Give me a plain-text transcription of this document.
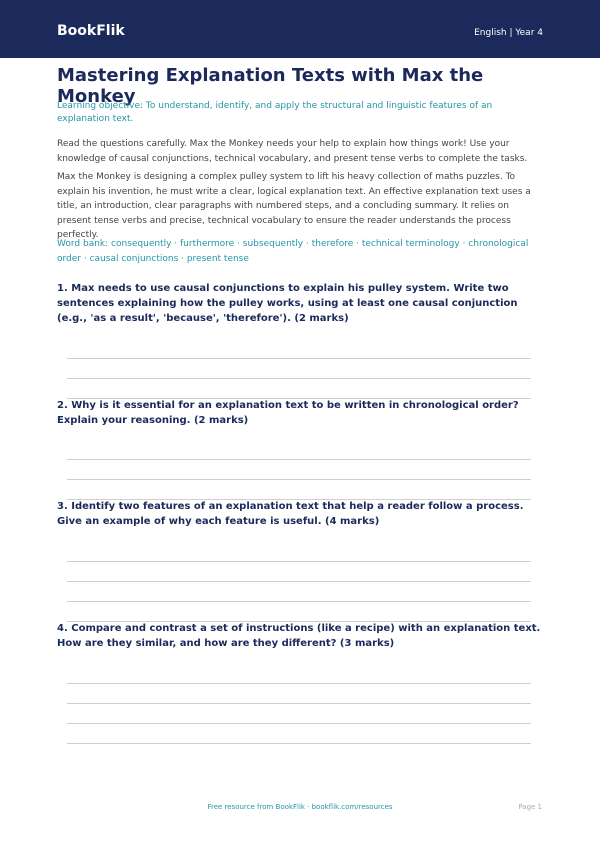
BookFlik	English | Year 4
Mastering Explanation Texts with Max the Monkey
Learning objective: To understand, identify, and apply the structural and linguistic features of an explanation text.
Read the questions carefully. Max the Monkey needs your help to explain how things work! Use your knowledge of causal conjunctions, technical vocabulary, and present tense verbs to complete the tasks.
Max the Monkey is designing a complex pulley system to lift his heavy collection of maths puzzles. To explain his invention, he must write a clear, logical explanation text. An effective explanation text uses a title, an introduction, clear paragraphs with numbered steps, and a concluding summary. It relies on present tense verbs and precise, technical vocabulary to ensure the reader understands the process perfectly.
Word bank: consequently · furthermore · subsequently · therefore · technical terminology · chronological order · causal conjunctions · present tense
1. Max needs to use causal conjunctions to explain his pulley system. Write two sentences explaining how the pulley works, using at least one causal conjunction (e.g., 'as a result', 'because', 'therefore'). (2 marks)
2. Why is it essential for an explanation text to be written in chronological order? Explain your reasoning. (2 marks)
3. Identify two features of an explanation text that help a reader follow a process. Give an example of why each feature is useful. (4 marks)
4. Compare and contrast a set of instructions (like a recipe) with an explanation text. How are they similar, and how are they different? (3 marks)
Free resource from BookFlik · bookflik.com/resources	Page 1
